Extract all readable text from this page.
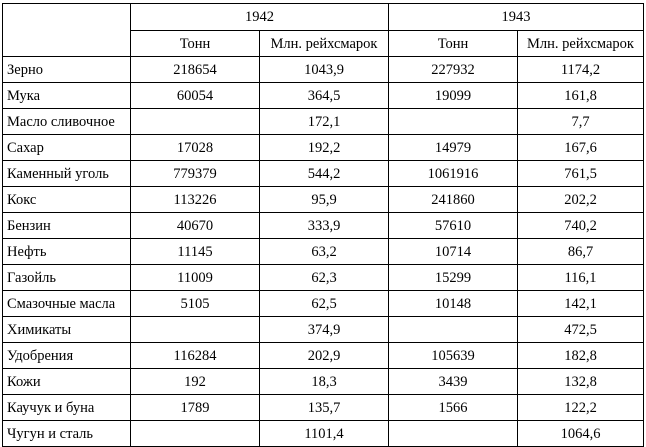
	1942		1943	
	Тонн	Млн. рейхсмарок	Тонн	Млн. рейхсмарок
Зерно	218654	1043,9	227932	1174,2
Мука	60054	364,5	19099	161,8
Масло сливочное		172,1		7,7
Сахар	17028	192,2	14979	167,6
Каменный уголь	779379	544,2	1061916	761,5
Кокс	113226	95,9	241860	202,2
Бензин	40670	333,9	57610	740,2
Нефть	11145	63,2	10714	86,7
Газойль	11009	62,3	15299	116,1
Смазочные масла	5105	62,5	10148	142,1
Химикаты		374,9		472,5
Удобрения	116284	202,9	105639	182,8
Кожи	192	18,3	3439	132,8
Каучук и буна	1789	135,7	1566	122,2
Чугун и сталь		1101,4		1064,6
